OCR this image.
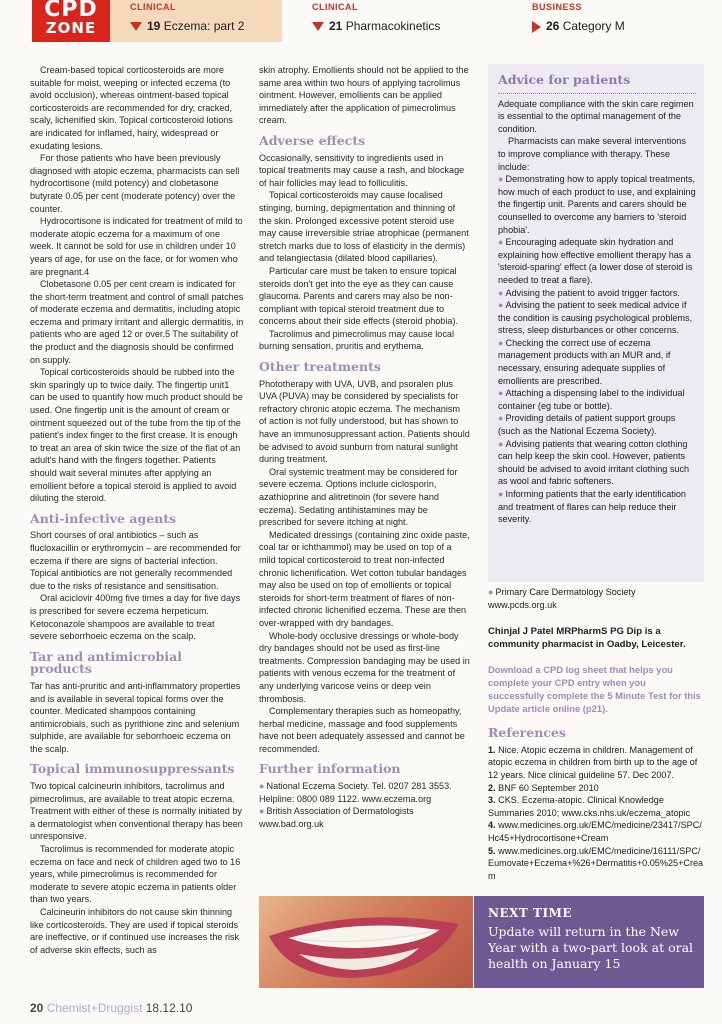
CPD
ZONE
CLINICAL
19 Eczema: part 2
CLINICAL
21 Pharmacokinetics
BUSINESS
26 Category M

Cream-based topical corticosteroids are more suitable for moist, weeping or infected eczema (to avoid occlusion), whereas ointment-based topical corticosteroids are recommended for dry, cracked, scaly, lichenified skin. Topical corticosteroid lotions are indicated for inflamed, hairy, widespread or exudating lesions.

For those patients who have been previously diagnosed with atopic eczema, pharmacists can sell hydrocortisone (mild potency) and clobetasone butyrate 0.05 per cent (moderate potency) over the counter.

Hydrocortisone is indicated for treatment of mild to moderate atopic eczema for a maximum of one week. It cannot be sold for use in children under 10 years of age, for use on the face, or for women who are pregnant.4

Clobetasone 0.05 per cent cream is indicated for the short-term treatment and control of small patches of moderate eczema and dermatitis, including atopic eczema and primary irritant and allergic dermatitis, in patients who are aged 12 or over.5 The suitability of the product and the diagnosis should be confirmed on supply.

Topical corticosteroids should be rubbed into the skin sparingly up to twice daily. The fingertip unit1 can be used to quantify how much product should be used. One fingertip unit is the amount of cream or ointment squeezed out of the tube from the tip of the patient's index finger to the first crease. It is enough to treat an area of skin twice the size of the flat of an adult's hand with the fingers together. Patients should wait several minutes after applying an emollient before a topical steroid is applied to avoid diluting the steroid.

Anti-infective agents

Short courses of oral antibiotics – such as flucloxacillin or erythromycin – are recommended for eczema if there are signs of bacterial infection. Topical antibiotics are not generally recommended due to the risks of resistance and sensitisation.

Oral aciclovir 400mg five times a day for five days is prescribed for severe eczema herpeticum. Ketoconazole shampoos are available to treat severe seborrhoeic eczema on the scalp.

Tar and antimicrobial products

Tar has anti-pruritic and anti-inflammatory properties and is available in several topical forms over the counter. Medicated shampoos containing antimicrobials, such as pyrithione zinc and selenium sulphide, are available for seborrhoeic eczema on the scalp.

Topical immunosuppressants

Two topical calcineurin inhibitors, tacrolimus and pimecrolimus, are available to treat atopic eczema. Treatment with either of these is normally initiated by a dermatologist when conventional therapy has been unresponsive.

Tacrolimus is recommended for moderate atopic eczema on face and neck of children aged two to 16 years, while pimecrolimus is recommended for moderate to severe atopic eczema in patients older than two years.

Calcineurin inhibitors do not cause skin thinning like corticosteroids. They are used if topical steroids are ineffective, or if continued use increases the risk of adverse skin effects, such as

skin atrophy. Emollients should not be applied to the same area within two hours of applying tacrolimus ointment. However, emollients can be applied immediately after the application of pimecrolimus cream.

Adverse effects

Occasionally, sensitivity to ingredients used in topical treatments may cause a rash, and blockage of hair follicles may lead to folliculitis.

Topical corticosteroids may cause localised stinging, burning, depigmentation and thinning of the skin. Prolonged excessive potent steroid use may cause irreversible striae atrophicae (permanent stretch marks due to loss of elasticity in the dermis) and telangiectasia (dilated blood capillaries).

Particular care must be taken to ensure topical steroids don't get into the eye as they can cause glaucoma. Parents and carers may also be non-compliant with topical steroid treatment due to concerns about their side effects (steroid phobia).

Tacrolimus and pimecrolimus may cause local burning sensation, pruritis and erythema.

Other treatments

Phototherapy with UVA, UVB, and psoralen plus UVA (PUVA) may be considered by specialists for refractory chronic atopic eczema. The mechanism of action is not fully understood, but has shown to have an immunosuppressant action. Patients should be advised to avoid sunburn from natural sunlight during treatment.

Oral systemic treatment may be considered for severe eczema. Options include ciclosporin, azathioprine and alitretinoin (for severe hand eczema). Sedating antihistamines may be prescribed for severe itching at night.

Medicated dressings (containing zinc oxide paste, coal tar or ichthammol) may be used on top of a mild topical corticosteroid to treat non-infected chronic lichenification. Wet cotton tubular bandages may also be used on top of emollients or topical steroids for short-term treatment of flares of non-infected chronic lichenified eczema. These are then over-wrapped with dry bandages.

Whole-body occlusive dressings or whole-body dry bandages should not be used as first-line treatments. Compression bandaging may be used in patients with venous eczema for the treatment of any underlying varicose veins or deep vein thrombosis.

Complementary therapies such as homeopathy, herbal medicine, massage and food supplements have not been adequately assessed and cannot be recommended.

Further information

● National Eczema Society. Tel. 0207 281 3553. Helpline: 0800 089 1122. www.eczema.org

● British Association of Dermatologists www.bad.org.uk

Advice for patients

Adequate compliance with the skin care regimen is essential to the optimal management of the condition.

Pharmacists can make several interventions to improve compliance with therapy. These include:

● Demonstrating how to apply topical treatments, how much of each product to use, and explaining the fingertip unit. Parents and carers should be counselled to overcome any barriers to 'steroid phobia'.

● Encouraging adequate skin hydration and explaining how effective emollient therapy has a 'steroid-sparing' effect (a lower dose of steroid is needed to treat a flare).

● Advising the patient to avoid trigger factors.

● Advising the patient to seek medical advice if the condition is causing psychological problems, stress, sleep disturbances or other concerns.

● Checking the correct use of eczema management products with an MUR and, if necessary, ensuring adequate supplies of emollients are prescribed.

● Attaching a dispensing label to the individual container (eg tube or bottle).

● Providing details of patient support groups (such as the National Eczema Society).

● Advising patients that wearing cotton clothing can help keep the skin cool. However, patients should be advised to avoid irritant clothing such as wool and fabric softeners.

● Informing patients that the early identification and treatment of flares can help reduce their severity.

● Primary Care Dermatology Society www.pcds.org.uk

Chinjal J Patel MRPharmS PG Dip is a community pharmacist in Oadby, Leicester.

Download a CPD log sheet that helps you complete your CPD entry when you successfully complete the 5 Minute Test for this Update article online (p21).

References

1. Nice. Atopic eczema in children. Management of atopic eczema in children from birth up to the age of 12 years. Nice clinical guideline 57. Dec 2007.

2. BNF 60 September 2010

3. CKS. Eczema-atopic. Clinical Knowledge Summaries 2010; www.cks.nhs.uk/eczema_atopic

4. www.medicines.org.uk/EMC/medicine/23417/SPC/Hc45+Hydrocortisone+Cream

5. www.medicines.org.uk/EMC/medicine/16111/SPC/Eumovate+Eczema+%26+Dermatitis+0.05%25+Cream

NEXT TIME
Update will return in the New Year with a two-part look at oral health on January 15
20 Chemist+Druggist 18.12.10
